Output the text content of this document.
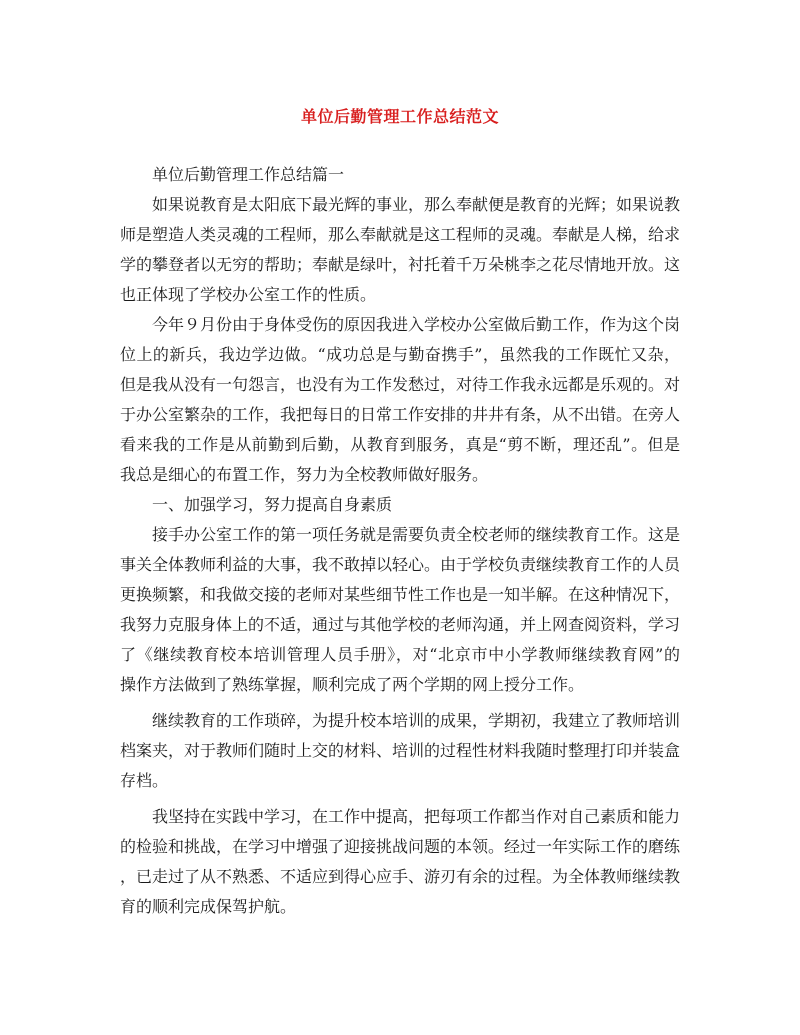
单位后勤管理工作总结范文
单位后勤管理工作总结篇一
如果说教育是太阳底下最光辉的事业，那么奉献便是教育的光辉；如果说教
师是塑造人类灵魂的工程师，那么奉献就是这工程师的灵魂。奉献是人梯，给求
学的攀登者以无穷的帮助；奉献是绿叶，衬托着千万朵桃李之花尽情地开放。这
也正体现了学校办公室工作的性质。
今年９月份由于身体受伤的原因我进入学校办公室做后勤工作，作为这个岗
位上的新兵，我边学边做。“成功总是与勤奋携手”，虽然我的工作既忙又杂，
但是我从没有一句怨言，也没有为工作发愁过，对待工作我永远都是乐观的。对
于办公室繁杂的工作，我把每日的日常工作安排的井井有条，从不出错。在旁人
看来我的工作是从前勤到后勤，从教育到服务，真是“剪不断，理还乱”。但是
我总是细心的布置工作，努力为全校教师做好服务。
一、加强学习，努力提高自身素质
接手办公室工作的第一项任务就是需要负责全校老师的继续教育工作。这是
事关全体教师利益的大事，我不敢掉以轻心。由于学校负责继续教育工作的人员
更换频繁，和我做交接的老师对某些细节性工作也是一知半解。在这种情况下，
我努力克服身体上的不适，通过与其他学校的老师沟通，并上网查阅资料，学习
了《继续教育校本培训管理人员手册》，对“北京市中小学教师继续教育网”的
操作方法做到了熟练掌握，顺利完成了两个学期的网上授分工作。
继续教育的工作琐碎，为提升校本培训的成果，学期初，我建立了教师培训
档案夹，对于教师们随时上交的材料、培训的过程性材料我随时整理打印并装盒
存档。
我坚持在实践中学习，在工作中提高，把每项工作都当作对自己素质和能力
的检验和挑战，在学习中增强了迎接挑战问题的本领。经过一年实际工作的磨练
，已走过了从不熟悉、不适应到得心应手、游刃有余的过程。为全体教师继续教
育的顺利完成保驾护航。
